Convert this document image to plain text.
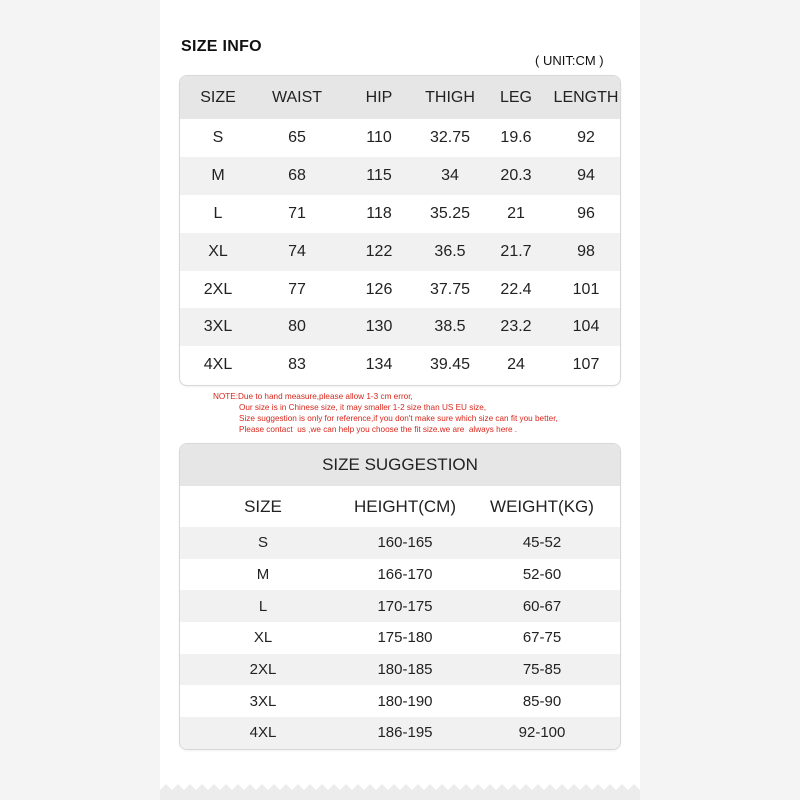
SIZE INFO
( UNIT:CM )
SIZE	WAIST	HIP	THIGH	LEG	LENGTH
S	65	110	32.75	19.6	92
M	68	115	34	20.3	94
L	71	118	35.25	21	96
XL	74	122	36.5	21.7	98
2XL	77	126	37.75	22.4	101
3XL	80	130	38.5	23.2	104
4XL	83	134	39.45	24	107
NOTE:Due to hand measure,please allow 1-3 cm error,
Our size is in Chinese size, it may smaller 1-2 size than US EU size,
Size suggestion is only for reference,if you don't make sure which size can fit you better,
Please contact  us ,we can help you choose the fit size.we are  always here .
SIZE SUGGESTION
SIZE	HEIGHT(CM)	WEIGHT(KG)
S	160-165	45-52
M	166-170	52-60
L	170-175	60-67
XL	175-180	67-75
2XL	180-185	75-85
3XL	180-190	85-90
4XL	186-195	92-100
